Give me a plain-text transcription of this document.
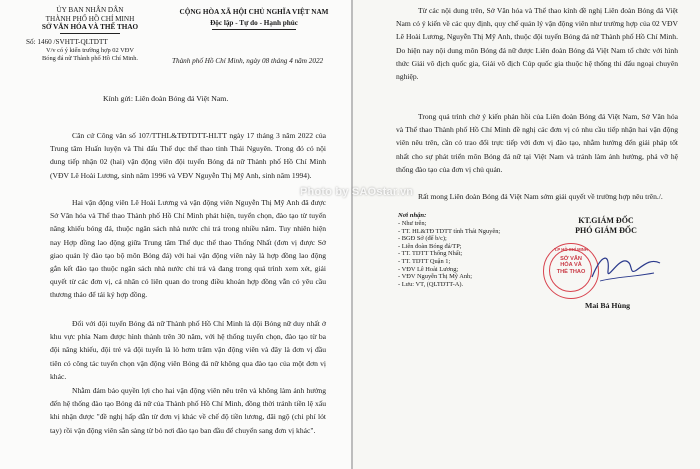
ỦY BAN NHÂN DÂN
THÀNH PHỐ HỒ CHÍ MINH
SỞ VĂN HÓA VÀ THỂ THAO
CỘNG HÒA XÃ HỘI CHỦ NGHĨA VIỆT NAM
Độc lập - Tự do - Hạnh phúc
Số: 1460 /SVHTT-QLTDTT
V/v có ý kiến trường hợp 02 VĐV
Bóng đá nữ Thành phố Hồ Chí Minh.	Thành phố Hồ Chí Minh, ngày 08 tháng 4 năm 2022
Kính gửi: Liên đoàn Bóng đá Việt Nam.
Căn cứ Công văn số 107/TTHL&TĐTDTT-HLTT ngày 17 tháng 3 năm 2022 của Trung tâm Huấn luyện và Thi đấu Thể dục thể thao tỉnh Thái Nguyên. Trong đó có nội dung tiếp nhận 02 (hai) vận động viên đội tuyển Bóng đá nữ Thành phố Hồ Chí Minh (VĐV Lê Hoài Lương, sinh năm 1996 và VĐV Nguyễn Thị Mỹ Anh, sinh năm 1994).
Hai vận động viên Lê Hoài Lương và vận động viên Nguyễn Thị Mỹ Anh đã được Sở Văn hóa và Thể thao Thành phố Hồ Chí Minh phát hiện, tuyển chọn, đào tạo từ tuyến năng khiếu bóng đá, thuộc ngân sách nhà nước chi trả trong nhiều năm. Tuy nhiên hiện nay Hợp đồng lao động giữa Trung tâm Thể dục thể thao Thống Nhất (đơn vị được Sở giao quản lý đào tạo bộ môn Bóng đá) với hai vận động viên này là hợp đồng lao động gắn kết đào tạo thuộc ngân sách nhà nước chi trả và đang trong quá trình xem xét, giải quyết từ các đơn vị, cá nhân có liên quan do trong điều khoản hợp đồng vẫn có yêu cầu thương thảo để tái ký hợp đồng.
Đối với đội tuyển Bóng đá nữ Thành phố Hồ Chí Minh là đội Bóng nữ duy nhất ở khu vực phía Nam được hình thành trên 30 năm, với hệ thống tuyển chọn, đào tạo từ ba đội năng khiếu, đội trẻ và đội tuyển là lò hơm trăm vận động viên và đây là đơn vị đầu tiên có công tác tuyển chọn vận động viên Bóng đá nữ không qua đào tạo của một đơn vị khác.
Nhằm đảm bảo quyền lợi cho hai vận động viên nêu trên và không làm ảnh hưởng đến hệ thống đào tạo Bóng đá nữ của Thành phố Hồ Chí Minh, đồng thời tránh tiền lệ xấu khi nhận được "đề nghị hấp dẫn từ đơn vị khác về chế độ tiền lương, đãi ngộ (chi phí lót tay) rồi vận động viên sẵn sàng từ bỏ nơi đào tạo ban đầu để chuyển sang đơn vị khác".
Từ các nội dung trên, Sở Văn hóa và Thể thao kính đề nghị Liên đoàn Bóng đá Việt Nam có ý kiến về các quy định, quy chế quản lý vận động viên như trường hợp của 02 VĐV Lê Hoài Lương, Nguyễn Thị Mỹ Anh, thuộc đội tuyển Bóng đá nữ Thành phố Hồ Chí Minh. Do hiện nay nội dung môn Bóng đá nữ được Liên đoàn Bóng đá Việt Nam tổ chức với hình thức Giải vô địch quốc gia, Giải vô địch Cúp quốc gia thuộc hệ thống thi đấu ngoại chuyên nghiệp.
Trong quá trình chờ ý kiến phản hồi của Liên đoàn Bóng đá Việt Nam, Sở Văn hóa và Thể thao Thành phố Hồ Chí Minh đề nghị các đơn vị có nhu cầu tiếp nhận hai vận động viên nêu trên, cần có trao đổi trực tiếp với đơn vị đào tạo, nhằm hướng đến giải pháp tốt nhất cho sự phát triển môn Bóng đá nữ tại Việt Nam và tránh làm ảnh hưởng, phá vỡ hệ thống đào tạo của đơn vị chủ quản.
Rất mong Liên đoàn Bóng đá Việt Nam sớm giải quyết về trường hợp nêu trên./.
Nơi nhận:
- Như trên;
- TT. HL&TĐ TDTT tỉnh Thái Nguyên;
- BGĐ Sở (để b/c);
- Liên đoàn Bóng đá/TP;
- TT. TDTT Thống Nhất;
- TT. TDTT Quận 1;
- VĐV Lê Hoài Lương;
- VĐV Nguyễn Thị Mỹ Anh;
- Lưu: VT, (QLTDTT-A).
KT.GIÁM ĐỐC
PHÓ GIÁM ĐỐC
T.P HỒ CHÍ MINH
SỞ VĂN HÓA VÀ THỂ THAO
Mai Bá Hùng
Photo by SAOstar.vn
